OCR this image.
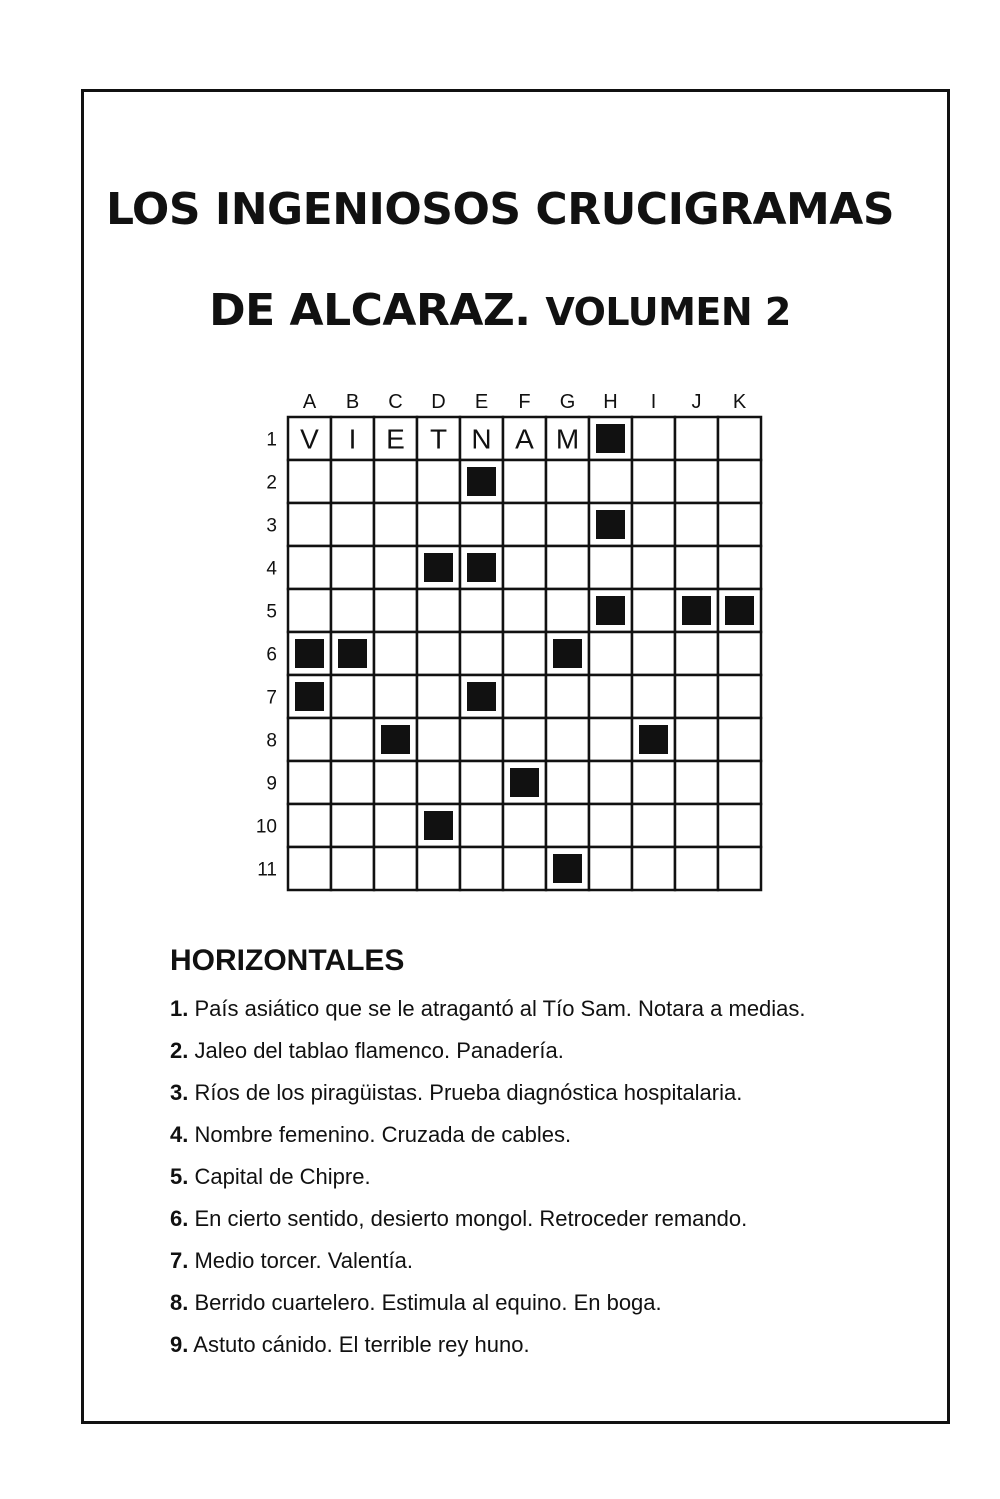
LOS INGENIOSOS CRUCIGRAMAS
DE ALCARAZ. VOLUMEN 2
A B C D E F G H I J K
1
2
3
4
5
6
7
8
9
10
11
V I E T N A M
HORIZONTALES
1. País asiático que se le atragantó al Tío Sam. Notara a medias.
2. Jaleo del tablao flamenco. Panadería.
3. Ríos de los piragüistas. Prueba diagnóstica hospitalaria.
4. Nombre femenino. Cruzada de cables.
5. Capital de Chipre.
6. En cierto sentido, desierto mongol. Retroceder remando.
7. Medio torcer. Valentía.
8. Berrido cuartelero. Estimula al equino. En boga.
9. Astuto cánido. El terrible rey huno.
